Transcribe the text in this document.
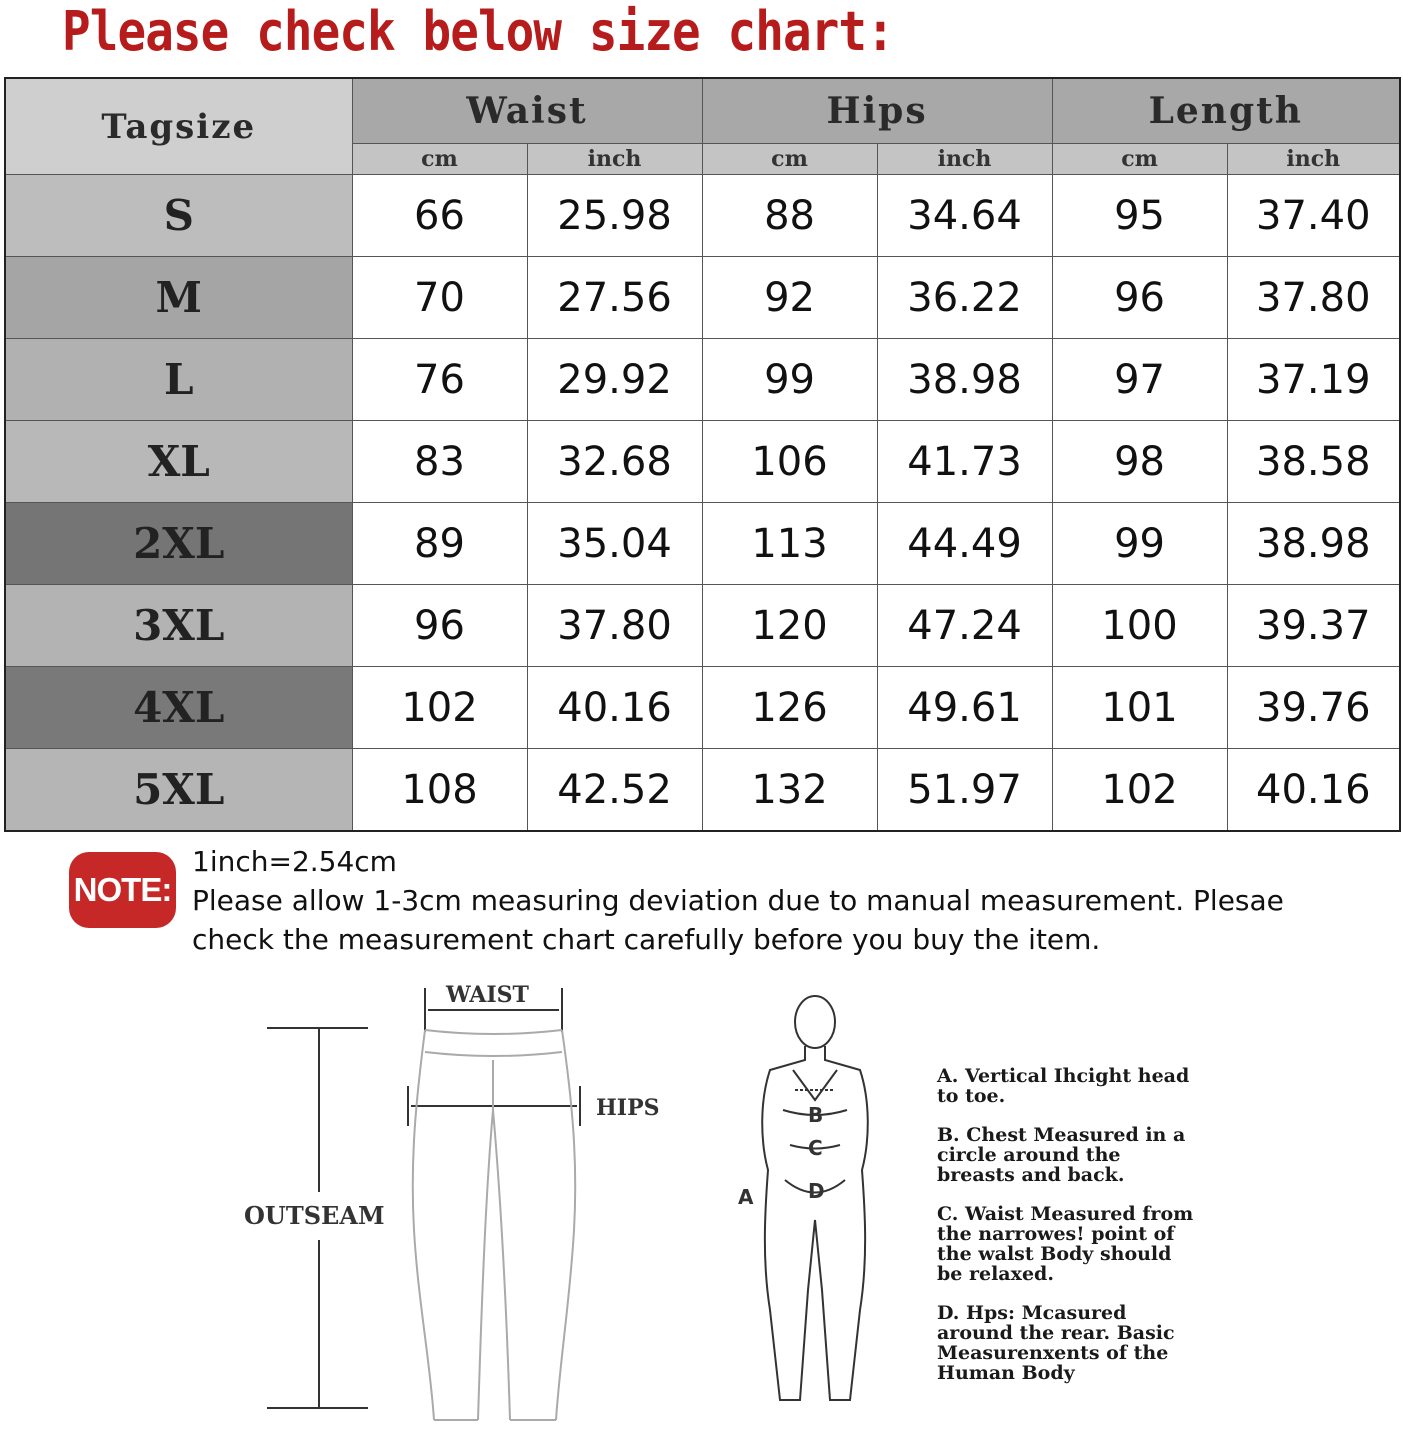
Please check below size chart:
Tagsize	Waist		Hips		Length	
	cm	inch	cm	inch	cm	inch
S	66	25.98	88	34.64	95	37.40
M	70	27.56	92	36.22	96	37.80
L	76	29.92	99	38.98	97	37.19
XL	83	32.68	106	41.73	98	38.58
2XL	89	35.04	113	44.49	99	38.98
3XL	96	37.80	120	47.24	100	39.37
4XL	102	40.16	126	49.61	101	39.76
5XL	108	42.52	132	51.97	102	40.16
NOTE:
1inch=2.54cm
Please allow 1-3cm measuring deviation due to manual measurement. Plesae check the measurement chart carefully before you buy the item.
OUTSEAM
WAIST
HIPS	B
C
D
A

A. Vertical Ihcight head to toe.

B. Chest Measured in a circle around the breasts and back.

C. Waist Measured from the narrowes! point of the walst Body should be relaxed.

D. Hps: Mcasured around the rear. Basic Measurenxents of the Human Body
